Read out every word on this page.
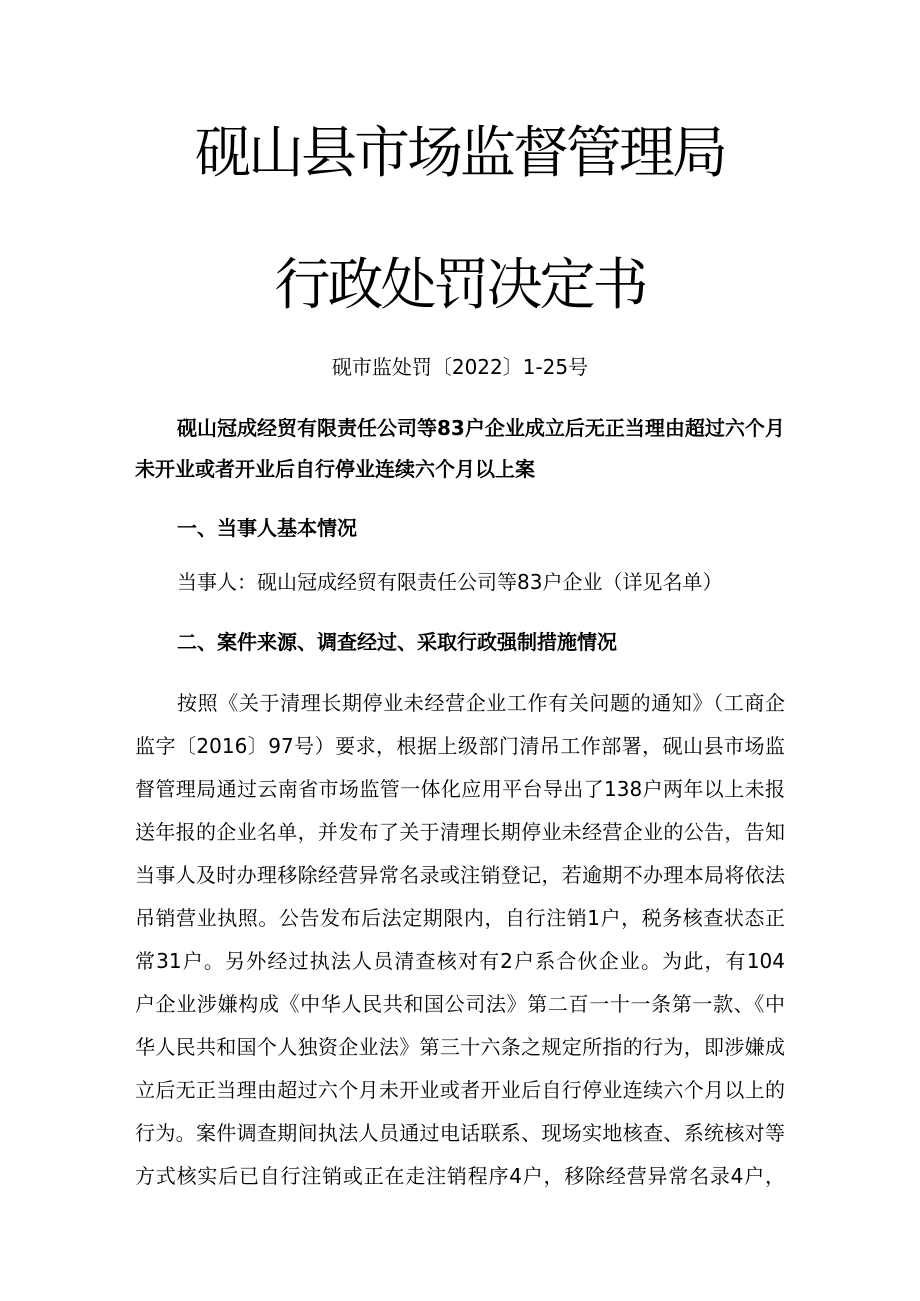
砚山县市场监督管理局
行政处罚决定书
砚市监处罚〔2022〕1-25号
砚山冠成经贸有限责任公司等83户企业成立后无正当理由超过六个月未开业或者开业后自行停业连续六个月以上案
一、当事人基本情况
当事人：砚山冠成经贸有限责任公司等83户企业（详见名单）
二、案件来源、调查经过、采取行政强制措施情况
按照《关于清理长期停业未经营企业工作有关问题的通知》（工商企
监字〔2016〕97号）要求，根据上级部门清吊工作部署，砚山县市场监
督管理局通过云南省市场监管一体化应用平台导出了138户两年以上未报
送年报的企业名单，并发布了关于清理长期停业未经营企业的公告，告知
当事人及时办理移除经营异常名录或注销登记，若逾期不办理本局将依法
吊销营业执照。公告发布后法定期限内，自行注销1户，税务核查状态正
常31户。另外经过执法人员清查核对有2户系合伙企业。为此，有104
户企业涉嫌构成《中华人民共和国公司法》第二百一十一条第一款、《中
华人民共和国个人独资企业法》第三十六条之规定所指的行为，即涉嫌成
立后无正当理由超过六个月未开业或者开业后自行停业连续六个月以上的
行为。案件调查期间执法人员通过电话联系、现场实地核查、系统核对等
方式核实后已自行注销或正在走注销程序4户，移除经营异常名录4户，
